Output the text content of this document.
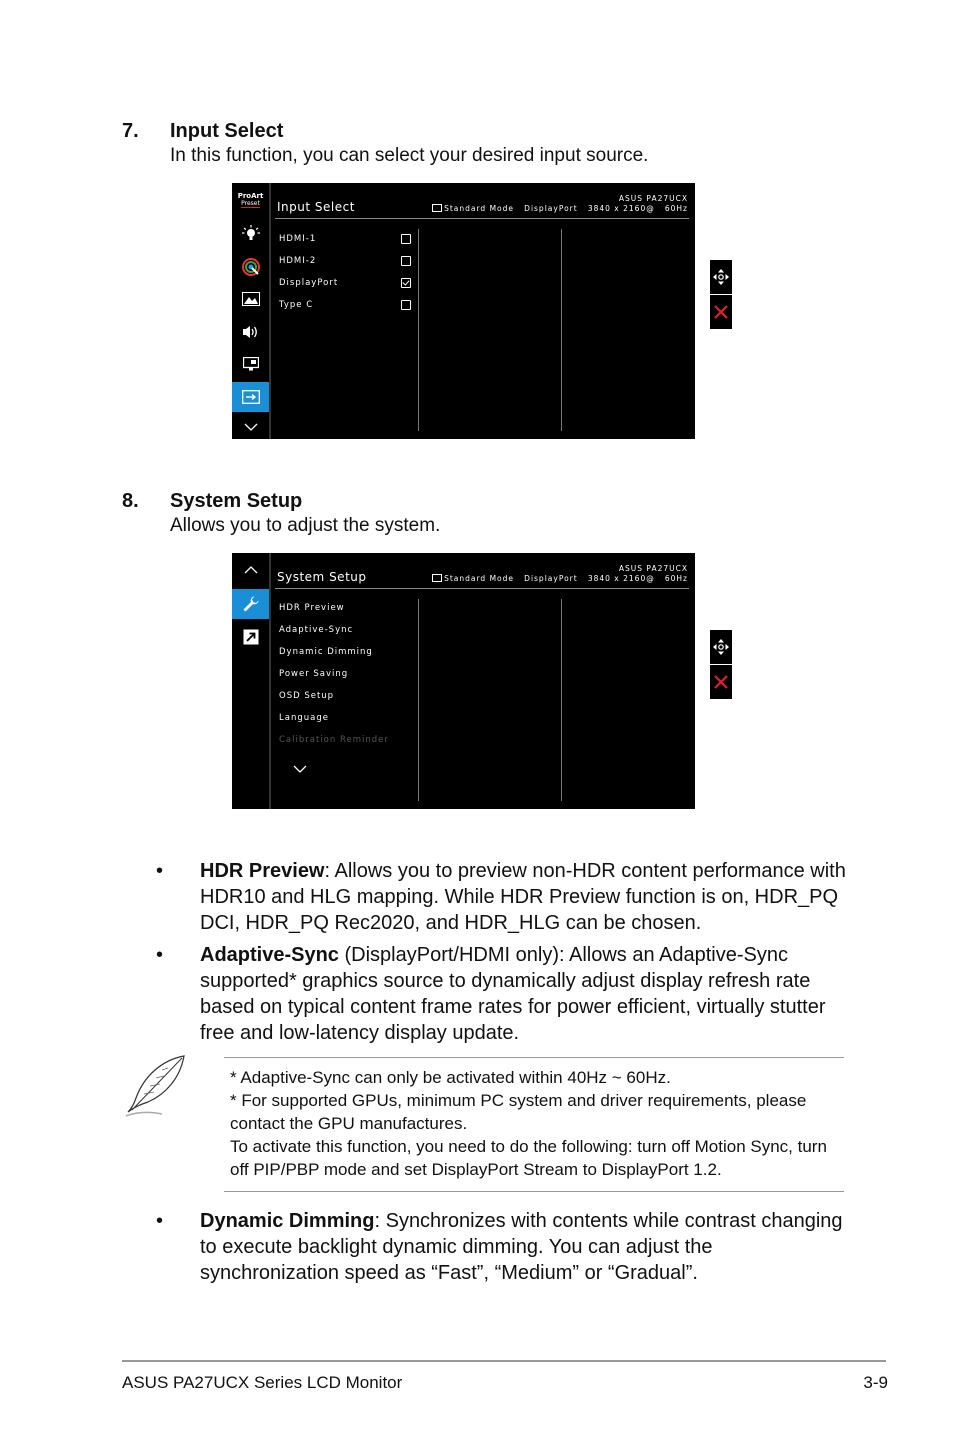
7. Input Select
In this function, you can select your desired input source.
ProArt
Preset Input Select
ASUS PA27UCX
Standard Mode   DisplayPort   3840 x 2160@   60Hz
HDMI-1
HDMI-2
DisplayPort
Type C
8. System Setup
Allows you to adjust the system.
System Setup
ASUS PA27UCX
Standard Mode   DisplayPort   3840 x 2160@   60Hz
HDR Preview
Adaptive-Sync
Dynamic Dimming
Power Saving
OSD Setup
Language
Calibration Reminder
• HDR Preview: Allows you to preview non-HDR content performance with HDR10 and HLG mapping. While HDR Preview function is on, HDR_PQ DCI, HDR_PQ Rec2020, and HDR_HLG can be chosen.
• Adaptive-Sync (DisplayPort/HDMI only): Allows an Adaptive-Sync supported* graphics source to dynamically adjust display refresh rate based on typical content frame rates for power efficient, virtually stutter free and low-latency display update.
* Adaptive-Sync can only be activated within 40Hz ~ 60Hz.
* For supported GPUs, minimum PC system and driver requirements, please
contact the GPU manufactures.
To activate this function, you need to do the following: turn off Motion Sync, turn
off PIP/PBP mode and set DisplayPort Stream to DisplayPort 1.2.
• Dynamic Dimming: Synchronizes with contents while contrast changing to execute backlight dynamic dimming. You can adjust the synchronization speed as “Fast”, “Medium” or “Gradual”.
ASUS PA27UCX Series LCD Monitor	3-9
